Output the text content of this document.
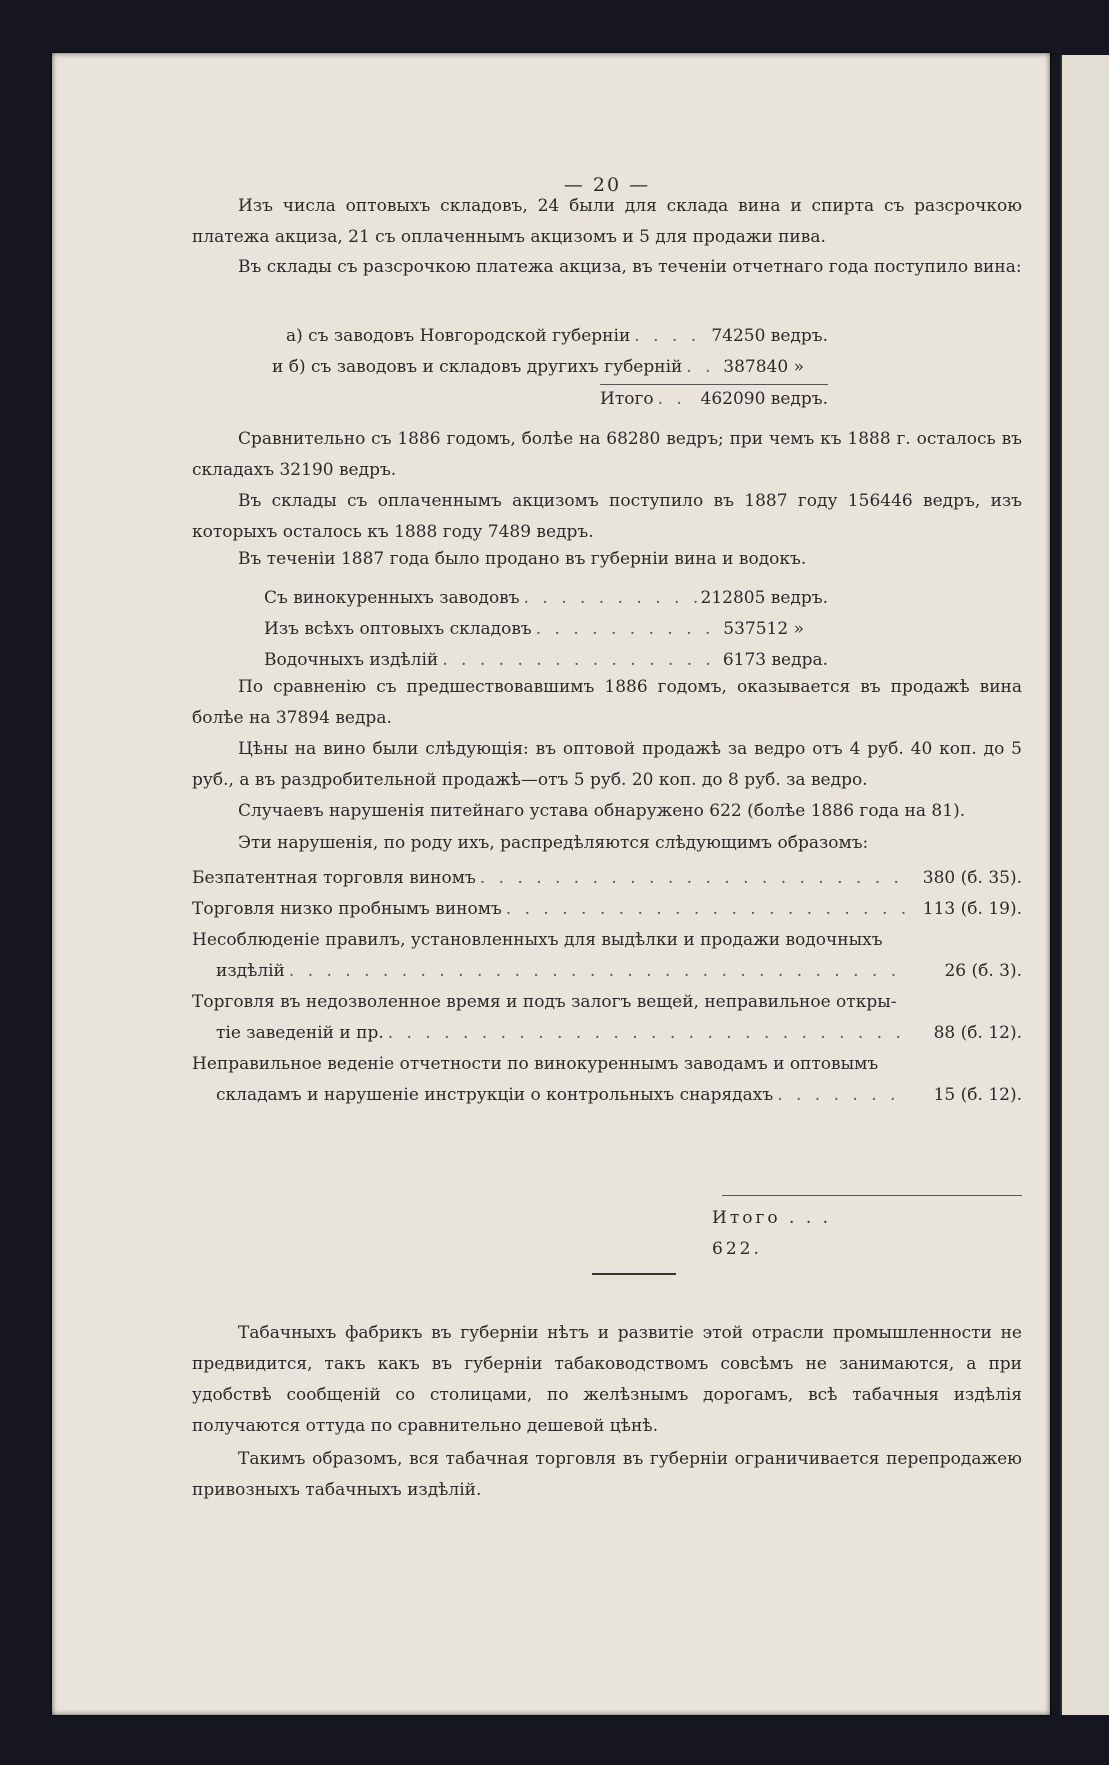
— 20 —

Изъ числа оптовыхъ складовъ, 24 были для склада вина и спирта съ разсрочкою платежа акциза, 21 съ оплаченнымъ акцизомъ и 5 для продажи пива.

Въ склады съ разсрочкою платежа акциза, въ теченіи отчетнаго года поступило вина:

а) съ заводовъ Новгородской губерніи . . .	74250 ведръ.
и б) съ заводовъ и складовъ другихъ губерній . . . 387840 »
Итого . . .	462090 ведръ.

Сравнительно съ 1886 годомъ, болѣе на 68280 ведръ; при чемъ къ 1888 г. осталось въ складахъ 32190 ведръ.

Въ склады съ оплаченнымъ акцизомъ поступило въ 1887 году 156446 ведръ, изъ которыхъ осталось къ 1888 году 7489 ведръ.

Въ теченіи 1887 года было продано въ губерніи вина и водокъ.

Съ винокуренныхъ заводовъ . . .	212805 ведръ.
Изъ всѣхъ оптовыхъ складовъ . . .	537512 »
Водочныхъ издѣлій . . .	6173 ведра.

По сравненію съ предшествовавшимъ 1886 годомъ, оказывается въ продажѣ вина болѣе на 37894 ведра.

Цѣны на вино были слѣдующія: въ оптовой продажѣ за ведро отъ 4 руб. 40 коп. до 5 руб., а въ раздробительной продажѣ—отъ 5 руб. 20 коп. до 8 руб. за ведро.

Случаевъ нарушенія питейнаго устава обнаружено 622 (болѣе 1886 года на 81).

Эти нарушенія, по роду ихъ, распредѣляются слѣдующимъ образомъ:

Безпатентная торговля виномъ . . .	380 (б. 35).
Торговля низко пробнымъ виномъ . . .	113 (б. 19).
Несоблюденіе правилъ, установленныхъ для выдѣлки и продажи водочныхъ
издѣлій . . .	26 (б. 3).
Торговля въ недозволенное время и подъ залогъ вещей, неправильное откры-
тіе заведеній и пр. . . .	88 (б. 12).
Неправильное веденіе отчетности по винокуреннымъ заводамъ и оптовымъ
складамъ и нарушеніе инструкціи о контрольныхъ снарядахъ . . .	15 (б. 12).
Итого . . . 622.

Табачныхъ фабрикъ въ губерніи нѣтъ и развитіе этой отрасли промышленности не предвидится, такъ какъ въ губерніи табаководствомъ совсѣмъ не занимаются, а при удобствѣ сообщеній со столицами, по желѣзнымъ дорогамъ, всѣ табачныя издѣлія получаются оттуда по сравнительно дешевой цѣнѣ.

Такимъ образомъ, вся табачная торговля въ губерніи ограничивается перепродажею привозныхъ табачныхъ издѣлій.
